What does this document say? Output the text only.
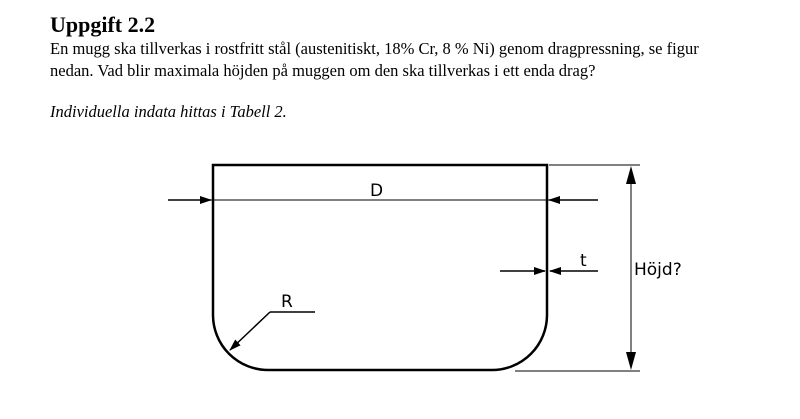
Uppgift 2.2
En mugg ska tillverkas i rostfritt stål (austenitiskt, 18% Cr, 8 % Ni) genom dragpressning, se figur
nedan. Vad blir maximala höjden på muggen om den ska tillverkas i ett enda drag?
Individuella indata hittas i Tabell 2.
D
t	Höjd?
R
